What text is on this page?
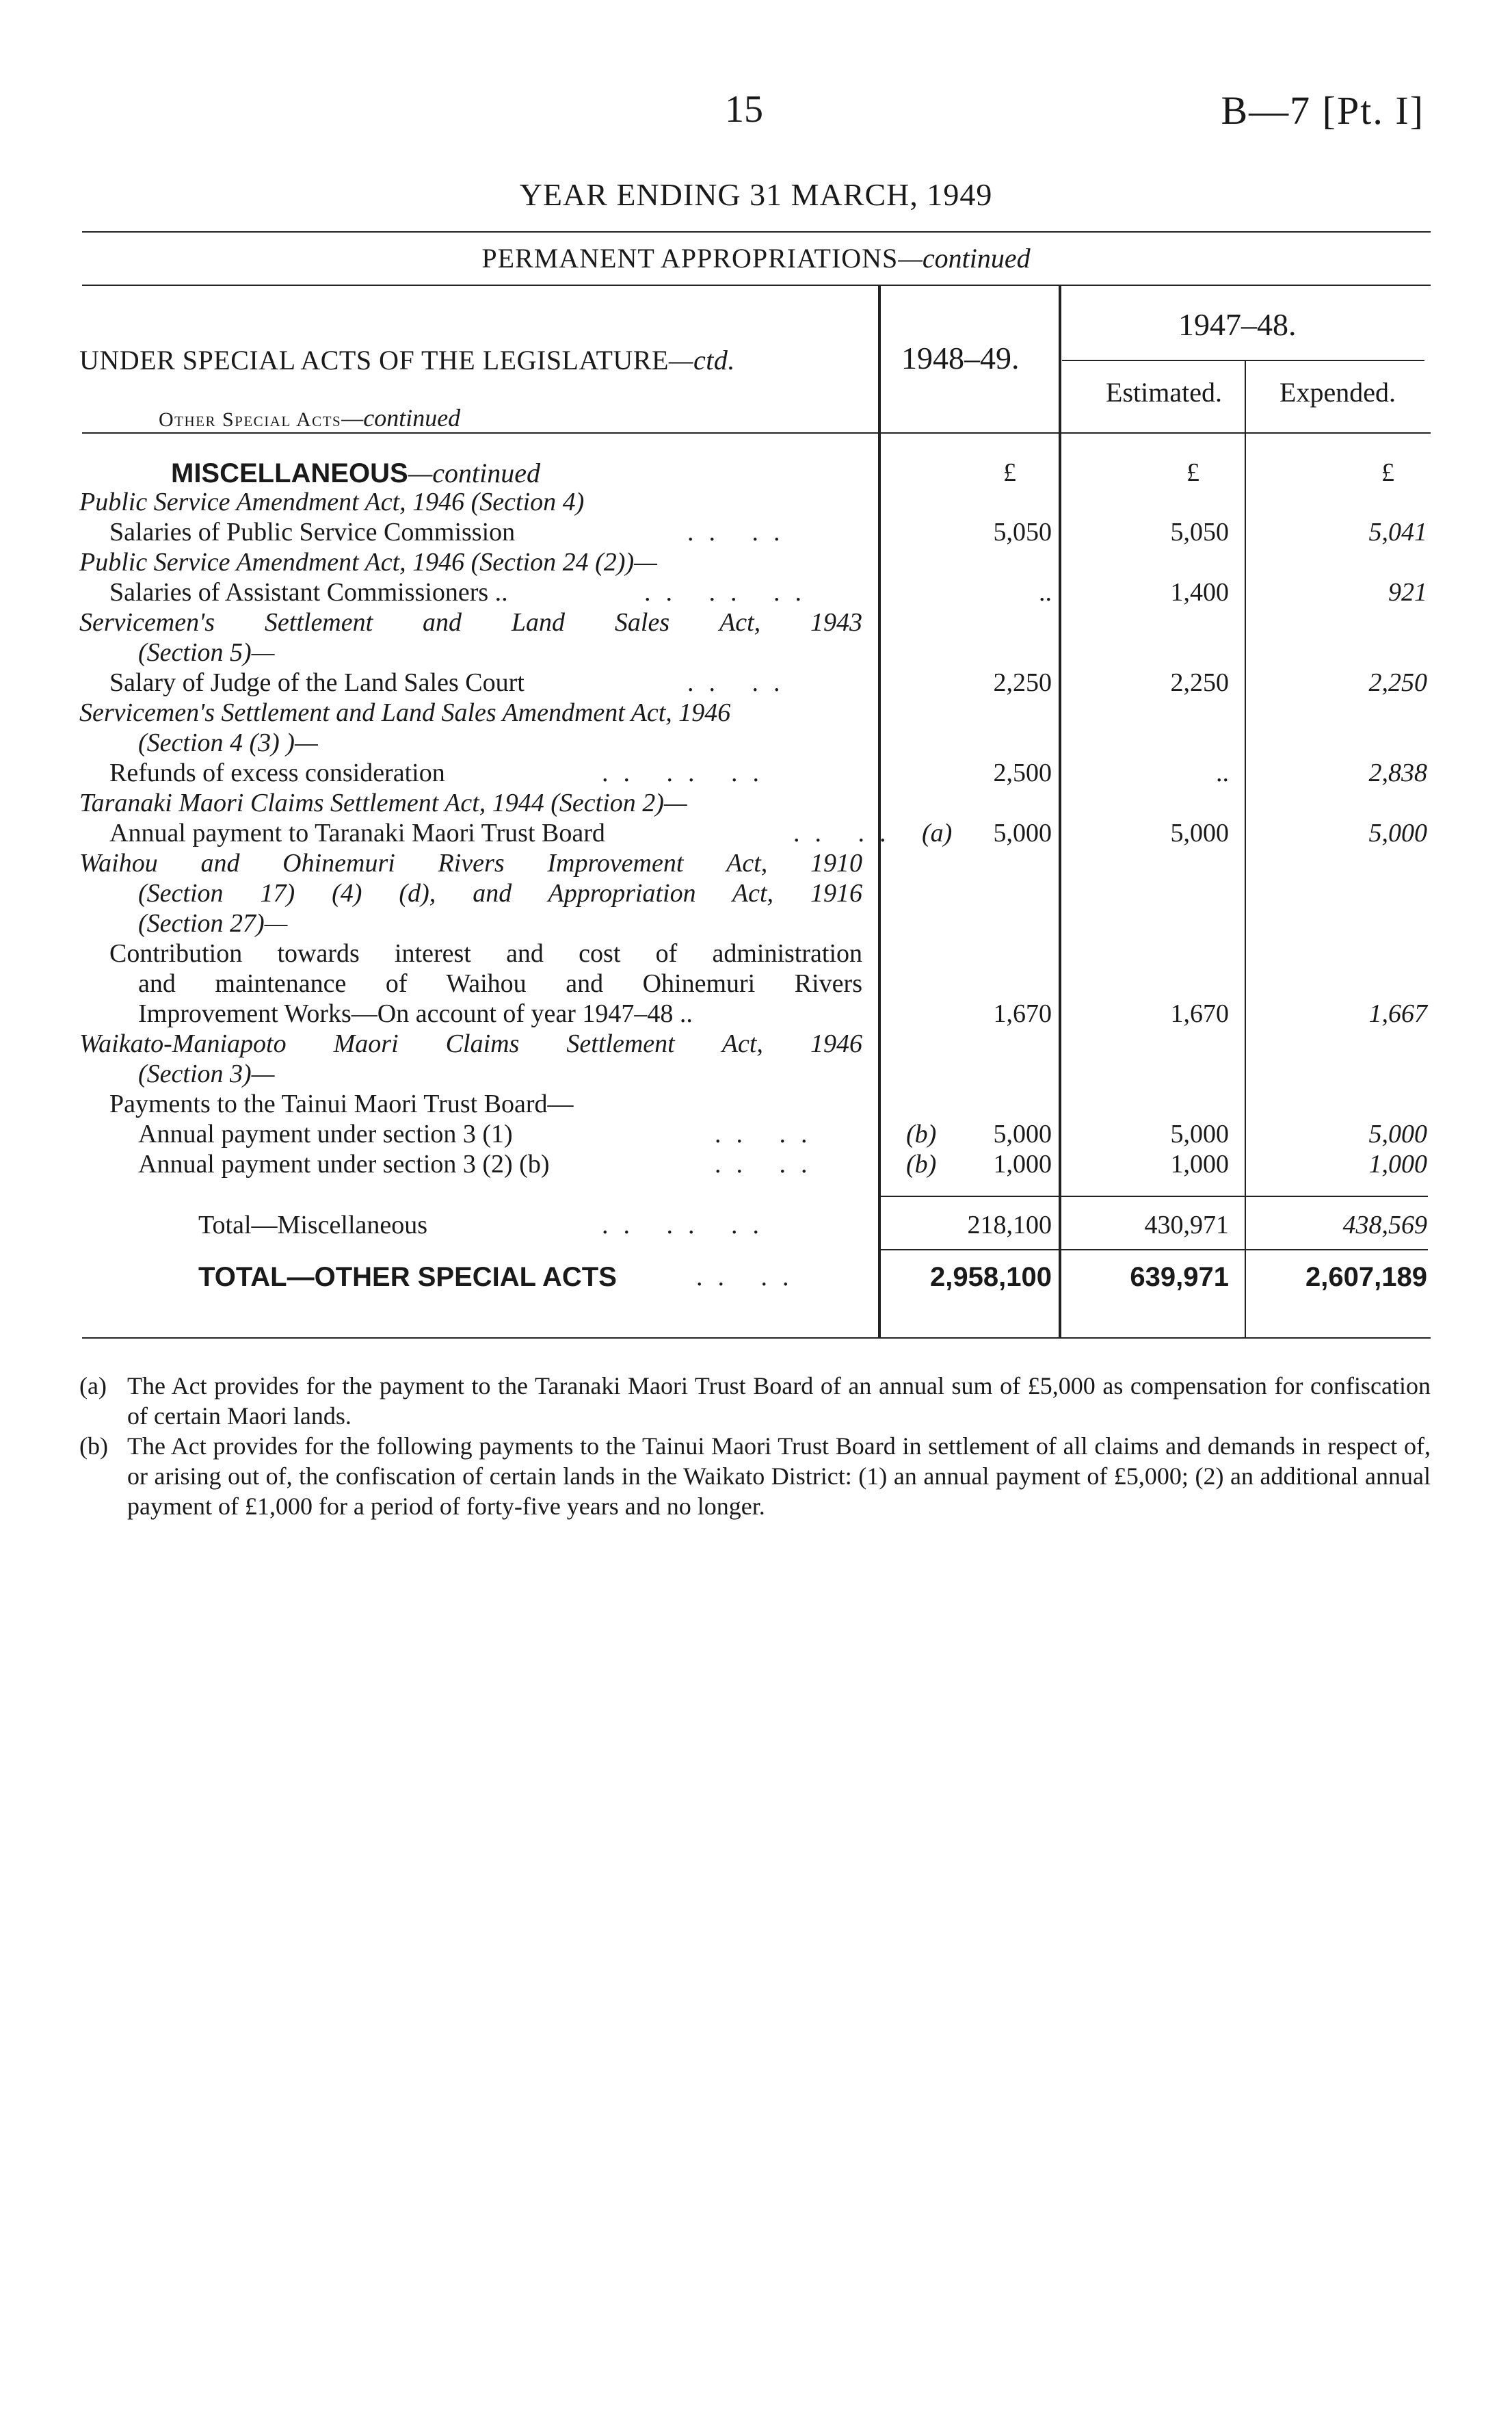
15	B—7 [Pt. I]
YEAR ENDING 31 MARCH, 1949
PERMANENT APPROPRIATIONS—continued
UNDER SPECIAL ACTS OF THE LEGISLATURE—ctd.
Other Special Acts—continued
1948–49.
1947–48.
Estimated.	Expended.
MISCELLANEOUS—continued	£	£	£
Public Service Amendment Act, 1946 (Section 4)
Salaries of Public Service Commission	.. ..	5,050	5,050	5,041
Public Service Amendment Act, 1946 (Section 24 (2))—
Salaries of Assistant Commissioners ..	.. .. ..	..	1,400	921
Servicemen's Settlement and Land Sales Act, 1943
(Section 5)—
Salary of Judge of the Land Sales Court	.. ..	2,250	2,250	2,250
Servicemen's Settlement and Land Sales Amendment Act, 1946
(Section 4 (3) )—
Refunds of excess consideration	.. .. ..	2,500	..	2,838
Taranaki Maori Claims Settlement Act, 1944 (Section 2)—
Annual payment to Taranaki Maori Trust Board	.. .. (a) 5,000	5,000	5,000
Waihou and Ohinemuri Rivers Improvement Act, 1910
(Section 17) (4) (d), and Appropriation Act, 1916
(Section 27)—
Contribution towards interest and cost of administration
and maintenance of Waihou and Ohinemuri Rivers
Improvement Works—On account of year 1947–48 ..	1,670	1,670	1,667
Waikato-Maniapoto Maori Claims Settlement Act, 1946
(Section 3)—
Payments to the Tainui Maori Trust Board—
Annual payment under section 3 (1)	.. ..	(b) 5,000	5,000	5,000
Annual payment under section 3 (2) (b)	.. ..	(b) 1,000	1,000	1,000
Total—Miscellaneous	.. .. ..	218,100	430,971	438,569
TOTAL—OTHER SPECIAL ACTS	.. ..	2,958,100	639,971	2,607,189
(a) The Act provides for the payment to the Taranaki Maori Trust Board of an annual sum of £5,000 as compensation for confiscation of certain Maori lands.
(b) The Act provides for the following payments to the Tainui Maori Trust Board in settlement of all claims and demands in respect of, or arising out of, the confiscation of certain lands in the Waikato District: (1) an annual payment of £5,000; (2) an additional annual payment of £1,000 for a period of forty-five years and no longer.
